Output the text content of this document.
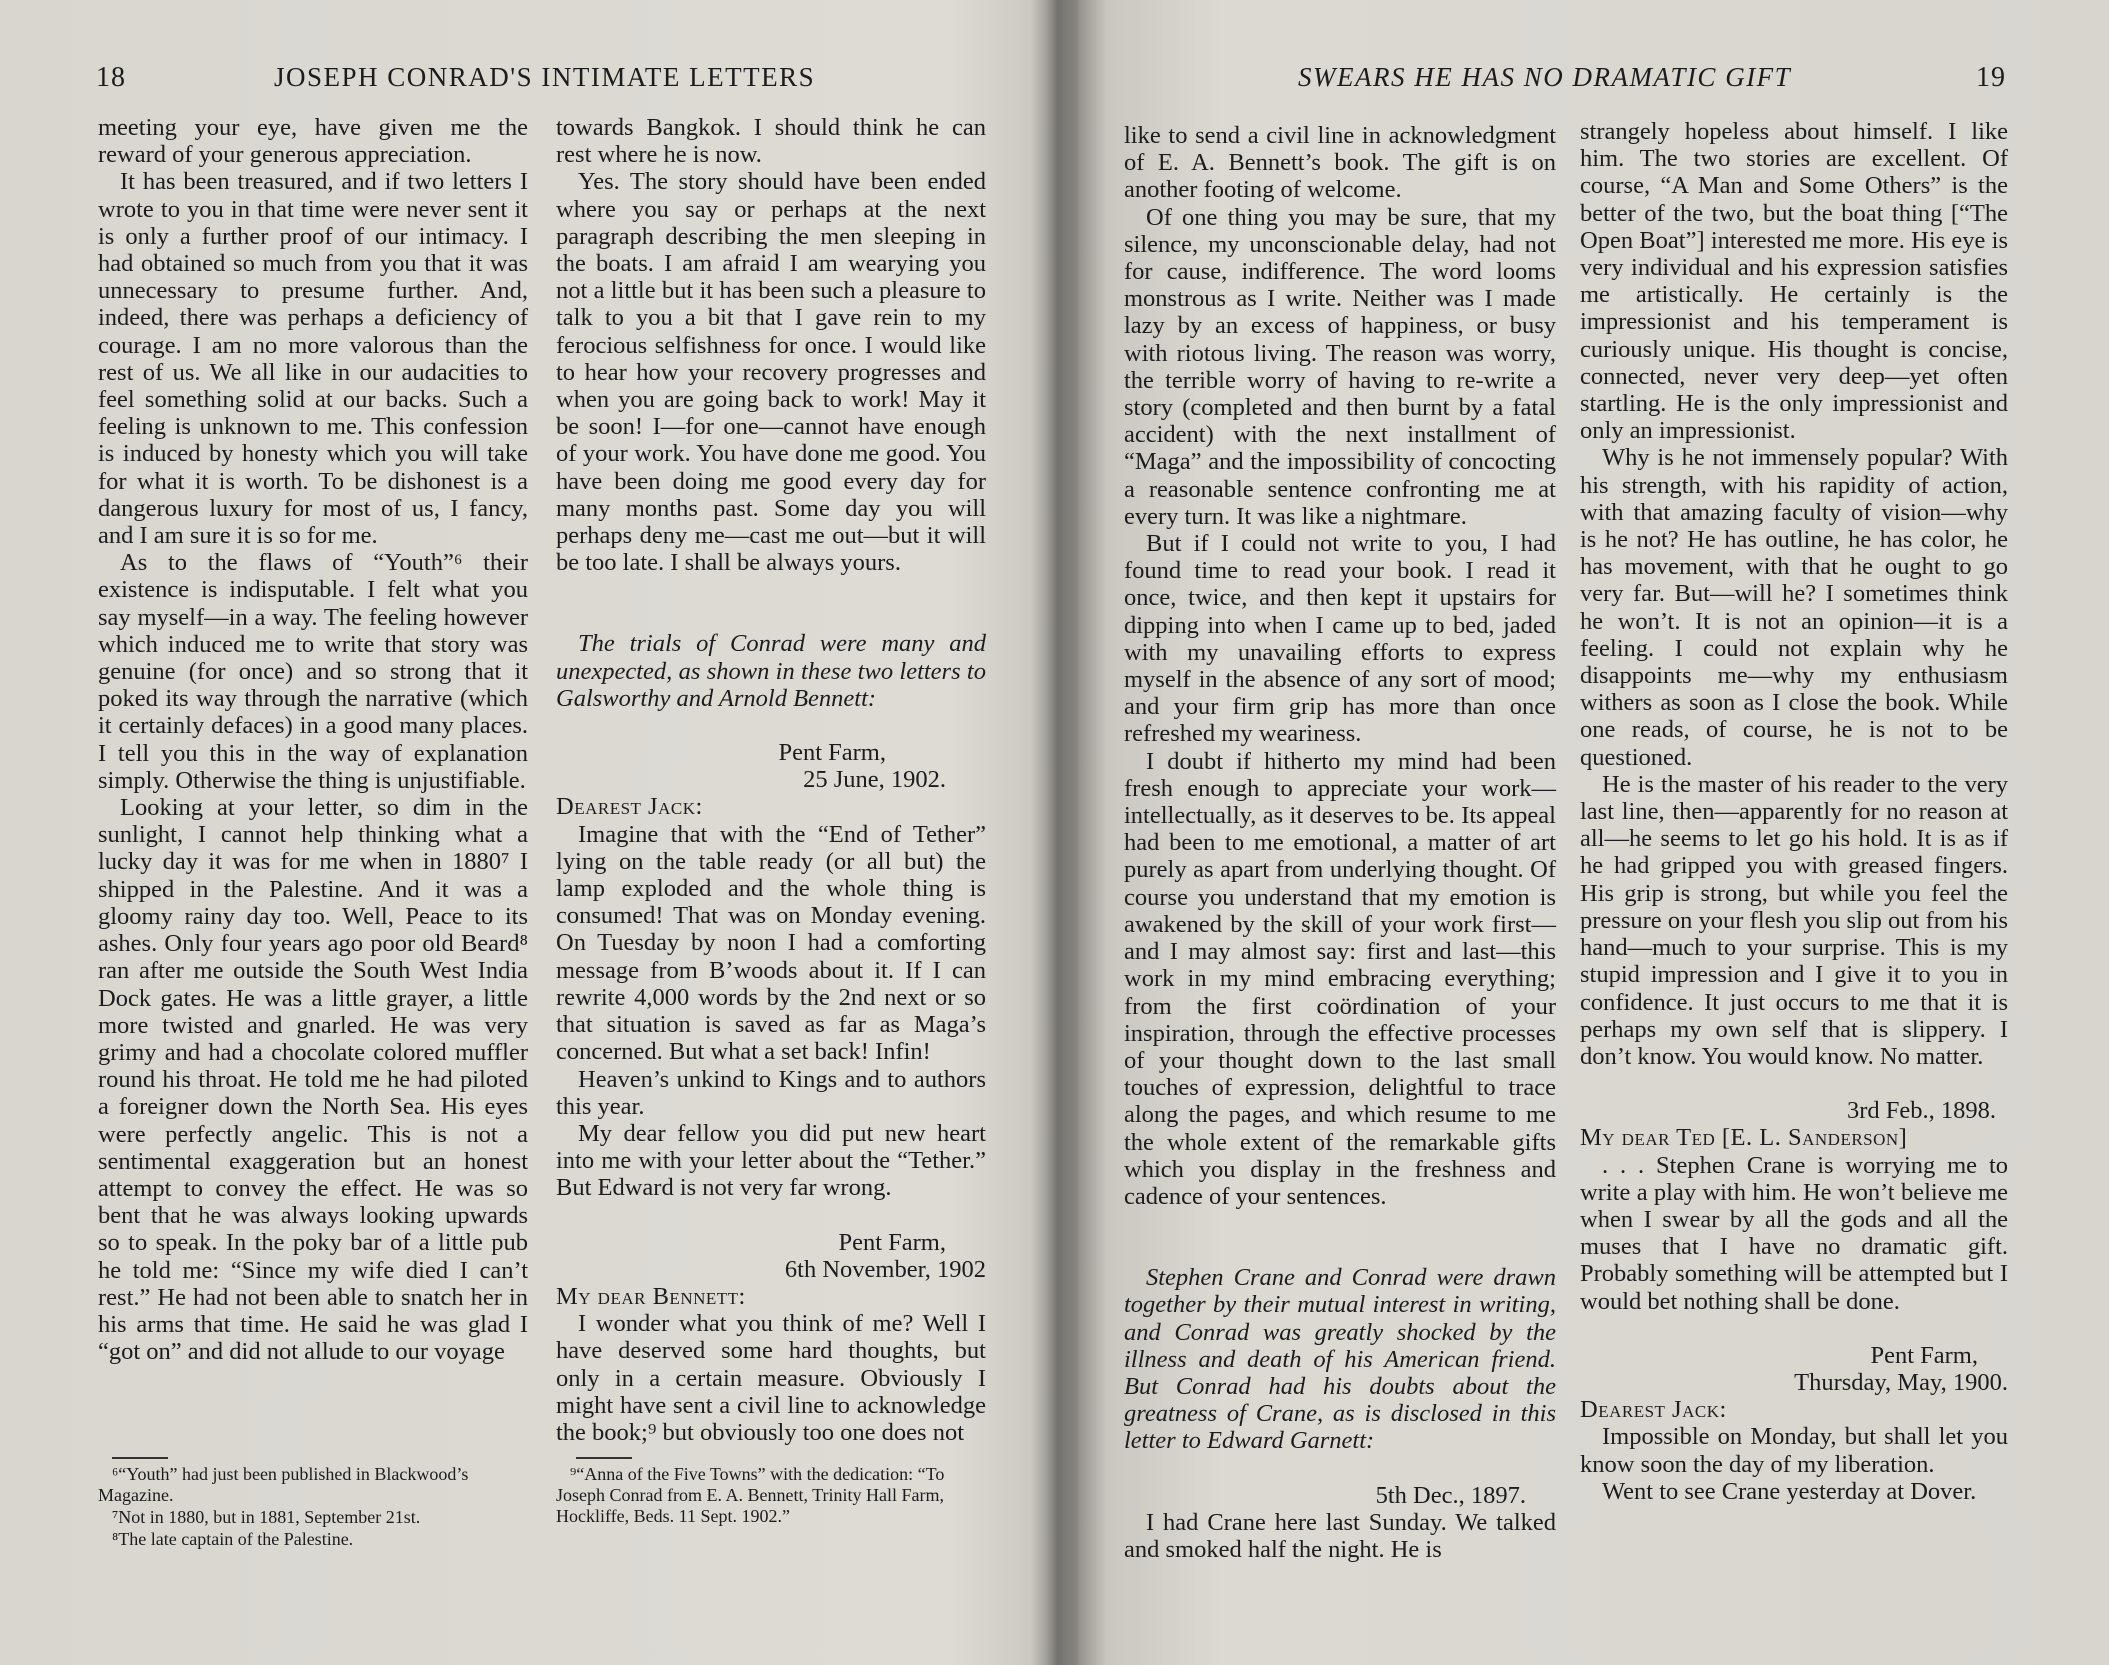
18	JOSEPH CONRAD'S INTIMATE LETTERS

meeting your eye, have given me the reward of your generous appreciation.

It has been treasured, and if two letters I wrote to you in that time were never sent it is only a further proof of our intimacy. I had obtained so much from you that it was unnecessary to presume further. And, indeed, there was perhaps a deficiency of courage. I am no more valorous than the rest of us. We all like in our audacities to feel something solid at our backs. Such a feeling is unknown to me. This confession is induced by honesty which you will take for what it is worth. To be dishonest is a dangerous luxury for most of us, I fancy, and I am sure it is so for me.

As to the flaws of “Youth”⁶ their existence is indisputable. I felt what you say myself—in a way. The feeling however which induced me to write that story was genuine (for once) and so strong that it poked its way through the narrative (which it certainly defaces) in a good many places. I tell you this in the way of explanation simply. Otherwise the thing is unjustifiable.

Looking at your letter, so dim in the sunlight, I cannot help thinking what a lucky day it was for me when in 1880⁷ I shipped in the Palestine. And it was a gloomy rainy day too. Well, Peace to its ashes. Only four years ago poor old Beard⁸ ran after me outside the South West India Dock gates. He was a little grayer, a little more twisted and gnarled. He was very grimy and had a chocolate colored muffler round his throat. He told me he had piloted a foreigner down the North Sea. His eyes were perfectly angelic. This is not a sentimental exaggeration but an honest attempt to convey the effect. He was so bent that he was always looking upwards so to speak. In the poky bar of a little pub he told me: “Since my wife died I can’t rest.” He had not been able to snatch her in his arms that time. He said he was glad I “got on” and did not allude to our voyage

⁶“Youth” had just been published in Blackwood’s Magazine.

⁷Not in 1880, but in 1881, September 21st.

⁸The late captain of the Palestine.

towards Bangkok. I should think he can rest where he is now.

Yes. The story should have been ended where you say or perhaps at the next paragraph describing the men sleeping in the boats. I am afraid I am wearying you not a little but it has been such a pleasure to talk to you a bit that I gave rein to my ferocious selfishness for once. I would like to hear how your recovery progresses and when you are going back to work! May it be soon! I—for one—cannot have enough of your work. You have done me good. You have been doing me good every day for many months past. Some day you will perhaps deny me—cast me out—but it will be too late. I shall be always yours.

The trials of Conrad were many and unexpected, as shown in these two letters to Galsworthy and Arnold Bennett:

Pent Farm,

25 June, 1902.

Dearest Jack:

Imagine that with the “End of Tether” lying on the table ready (or all but) the lamp exploded and the whole thing is consumed! That was on Monday evening. On Tuesday by noon I had a comforting message from B’woods about it. If I can rewrite 4,000 words by the 2nd next or so that situation is saved as far as Maga’s concerned. But what a set back! Infin!

Heaven’s unkind to Kings and to authors this year.

My dear fellow you did put new heart into me with your letter about the “Tether.” But Edward is not very far wrong.

Pent Farm,

6th November, 1902

My dear Bennett:

I wonder what you think of me? Well I have deserved some hard thoughts, but only in a certain measure. Obviously I might have sent a civil line to acknowledge the book;⁹ but obviously too one does not

⁹“Anna of the Five Towns” with the dedication: “To Joseph Conrad from E. A. Bennett, Trinity Hall Farm, Hockliffe, Beds. 11 Sept. 1902.”

SWEARS HE HAS NO DRAMATIC GIFT	19

like to send a civil line in acknowledgment of E. A. Bennett’s book. The gift is on another footing of welcome.

Of one thing you may be sure, that my silence, my unconscionable delay, had not for cause, indifference. The word looms monstrous as I write. Neither was I made lazy by an excess of happiness, or busy with riotous living. The reason was worry, the terrible worry of having to re-write a story (completed and then burnt by a fatal accident) with the next installment of “Maga” and the impossibility of concocting a reasonable sentence confronting me at every turn. It was like a nightmare.

But if I could not write to you, I had found time to read your book. I read it once, twice, and then kept it upstairs for dipping into when I came up to bed, jaded with my unavailing efforts to express myself in the absence of any sort of mood; and your firm grip has more than once refreshed my weariness.

I doubt if hitherto my mind had been fresh enough to appreciate your work—intellectually, as it deserves to be. Its appeal had been to me emotional, a matter of art purely as apart from underlying thought. Of course you understand that my emotion is awakened by the skill of your work first—and I may almost say: first and last—this work in my mind embracing everything; from the first coördination of your inspiration, through the effective processes of your thought down to the last small touches of expression, delightful to trace along the pages, and which resume to me the whole extent of the remarkable gifts which you display in the freshness and cadence of your sentences.

Stephen Crane and Conrad were drawn together by their mutual interest in writing, and Conrad was greatly shocked by the illness and death of his American friend. But Conrad had his doubts about the greatness of Crane, as is disclosed in this letter to Edward Garnett:

5th Dec., 1897.

I had Crane here last Sunday. We talked and smoked half the night. He is

strangely hopeless about himself. I like him. The two stories are excellent. Of course, “A Man and Some Others” is the better of the two, but the boat thing [“The Open Boat”] interested me more. His eye is very individual and his expression satisfies me artistically. He certainly is the impressionist and his temperament is curiously unique. His thought is concise, connected, never very deep—yet often startling. He is the only impressionist and only an impressionist.

Why is he not immensely popular? With his strength, with his rapidity of action, with that amazing faculty of vision—why is he not? He has outline, he has color, he has movement, with that he ought to go very far. But—will he? I sometimes think he won’t. It is not an opinion—it is a feeling. I could not explain why he disappoints me—why my enthusiasm withers as soon as I close the book. While one reads, of course, he is not to be questioned.

He is the master of his reader to the very last line, then—apparently for no reason at all—he seems to let go his hold. It is as if he had gripped you with greased fingers. His grip is strong, but while you feel the pressure on your flesh you slip out from his hand—much to your surprise. This is my stupid impression and I give it to you in confidence. It just occurs to me that it is perhaps my own self that is slippery. I don’t know. You would know. No matter.

3rd Feb., 1898.

My dear Ted [E. L. Sanderson]

. . . Stephen Crane is worrying me to write a play with him. He won’t believe me when I swear by all the gods and all the muses that I have no dramatic gift. Probably something will be attempted but I would bet nothing shall be done.

Pent Farm,

Thursday, May, 1900.

Dearest Jack:

Impossible on Monday, but shall let you know soon the day of my liberation.

Went to see Crane yesterday at Dover.
